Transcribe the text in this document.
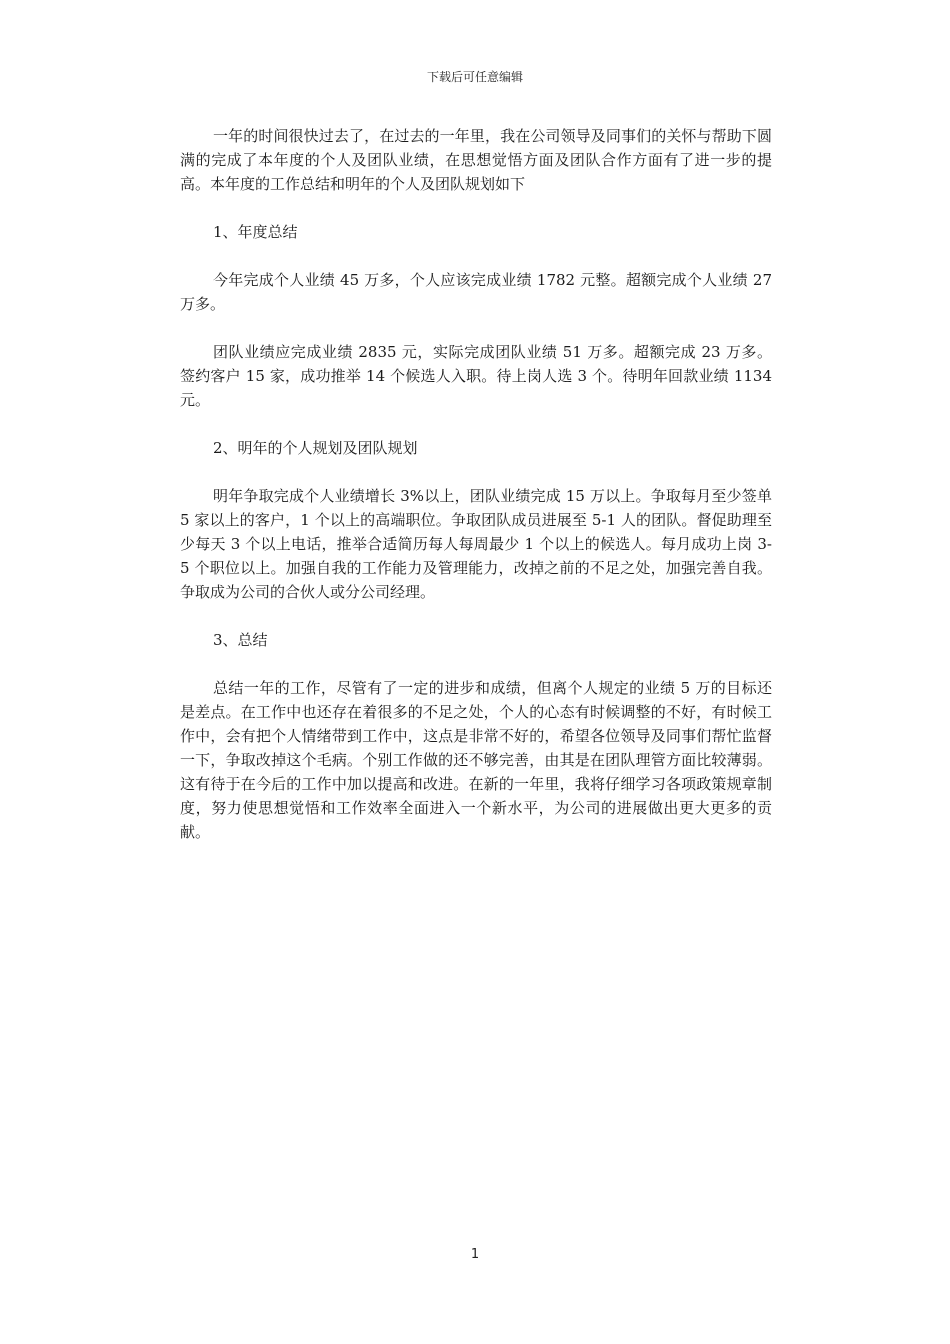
下载后可任意编辑

一年的时间很快过去了，在过去的一年里，我在公司领导及同事们的关怀与帮助下圆满的完成了本年度的个人及团队业绩，在思想觉悟方面及团队合作方面有了进一步的提高。本年度的工作总结和明年的个人及团队规划如下

1、年度总结

今年完成个人业绩 45 万多，个人应该完成业绩 1782 元整。超额完成个人业绩 27 万多。

团队业绩应完成业绩 2835 元，实际完成团队业绩 51 万多。超额完成 23 万多。 签约客户 15 家，成功推举 14 个候选人入职。待上岗人选 3 个。待明年回款业绩 1134 元。

2、明年的个人规划及团队规划

明年争取完成个人业绩增长 3%以上，团队业绩完成 15 万以上。争取每月至少签单 5 家以上的客户，1 个以上的高端职位。争取团队成员进展至 5-1 人的团队。督促助理至少每天 3 个以上电话，推举合适简历每人每周最少 1 个以上的候选人。每月成功上岗 3-5 个职位以上。加强自我的工作能力及管理能力，改掉之前的不足之处，加强完善自我。争取成为公司的合伙人或分公司经理。

3、总结

总结一年的工作，尽管有了一定的进步和成绩，但离个人规定的业绩 5 万的目标还是差点。在工作中也还存在着很多的不足之处，个人的心态有时候调整的不好，有时候工作中，会有把个人情绪带到工作中，这点是非常不好的，希望各位领导及同事们帮忙监督一下，争取改掉这个毛病。个别工作做的还不够完善，由其是在团队理管方面比较薄弱。这有待于在今后的工作中加以提高和改进。在新的一年里，我将仔细学习各项政策规章制度，努力使思想觉悟和工作效率全面进入一个新水平，为公司的进展做出更大更多的贡献。

1
